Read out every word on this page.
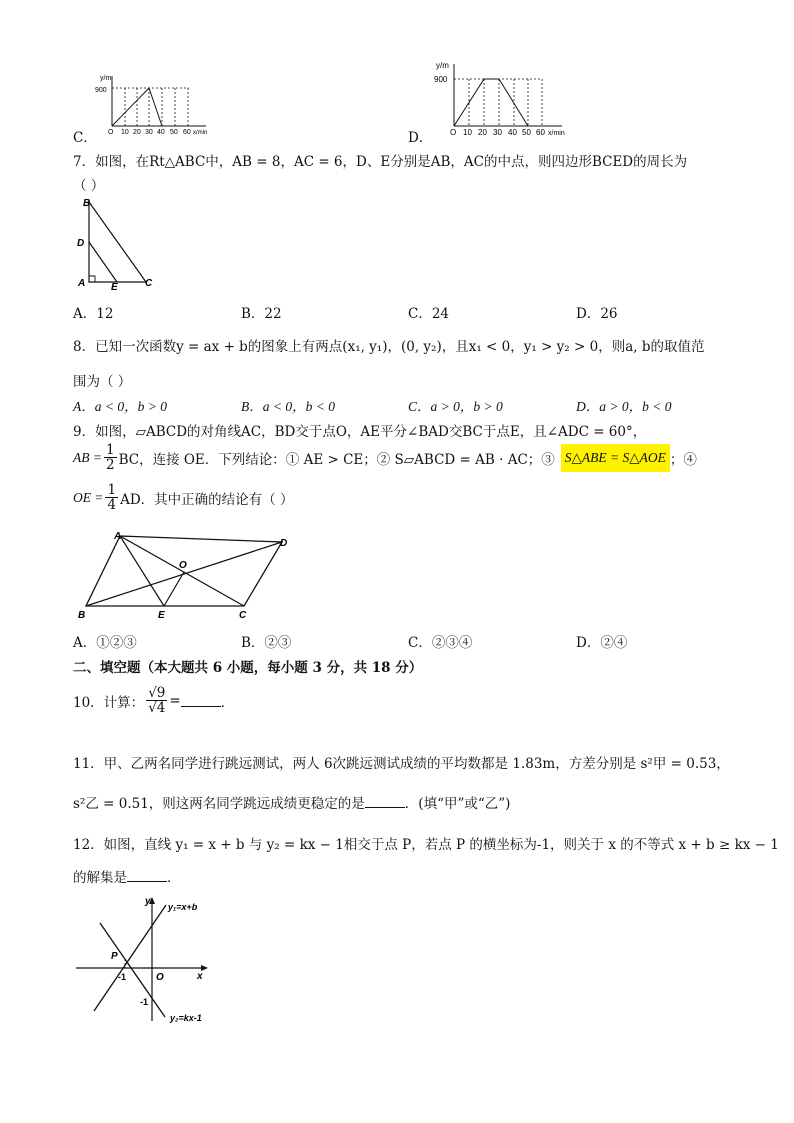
C．
y/m
900
O 10 20 30 40 50 60 x/min	D．
y/m
900
O 10 20 30 40 50 60 x/min
7．如图，在Rt△ABC中，AB = 8，AC = 6，D、E分别是AB，AC的中点，则四边形BCED的周长为
（ ）
B
D
A	E	C
A．12	B．22	C．24	D．26
8．已知一次函数y = ax + b的图象上有两点(x₁, y₁)，(0, y₂)，且x₁ < 0，y₁ > y₂ > 0，则a, b的取值范
围为（ ）
A．a < 0，b > 0	B．a < 0，b < 0	C．a > 0，b > 0	D．a > 0，b < 0
9．如图，▱ABCD的对角线AC，BD交于点O，AE平分∠BAD交BC于点E，且∠ADC = 60°，
AB = $\frac{1}{2}$ BC，连接 OE．下列结论：① AE > CE；② S▱ABCD = AB · AC；③ S△ABE = S△AOE ；④
OE = $\frac{1}{4}$ AD．其中正确的结论有（ ）
A
D
O
B	E	C
A．①②③	B．②③	C．②③④	D．②④
二、填空题（本大题共 6 小题，每小题 3 分，共 18 分）
10．计算： $\frac{√9}{√4}$ =	．
11．甲、乙两名同学进行跳远测试，两人 6次跳远测试成绩的平均数都是 1.83m，方差分别是 s²甲 = 0.53，
s²乙 = 0.51，则这两名同学跳远成绩更稳定的是	．(填“甲”或“乙”)
12．如图，直线 y₁ = x + b 与 y₂ = kx − 1相交于点 P，若点 P 的横坐标为-1，则关于 x 的不等式 x + b ≥ kx − 1
的解集是	．
y
x
O
P
-1
-1
y₁=x+b
y₂=kx-1
